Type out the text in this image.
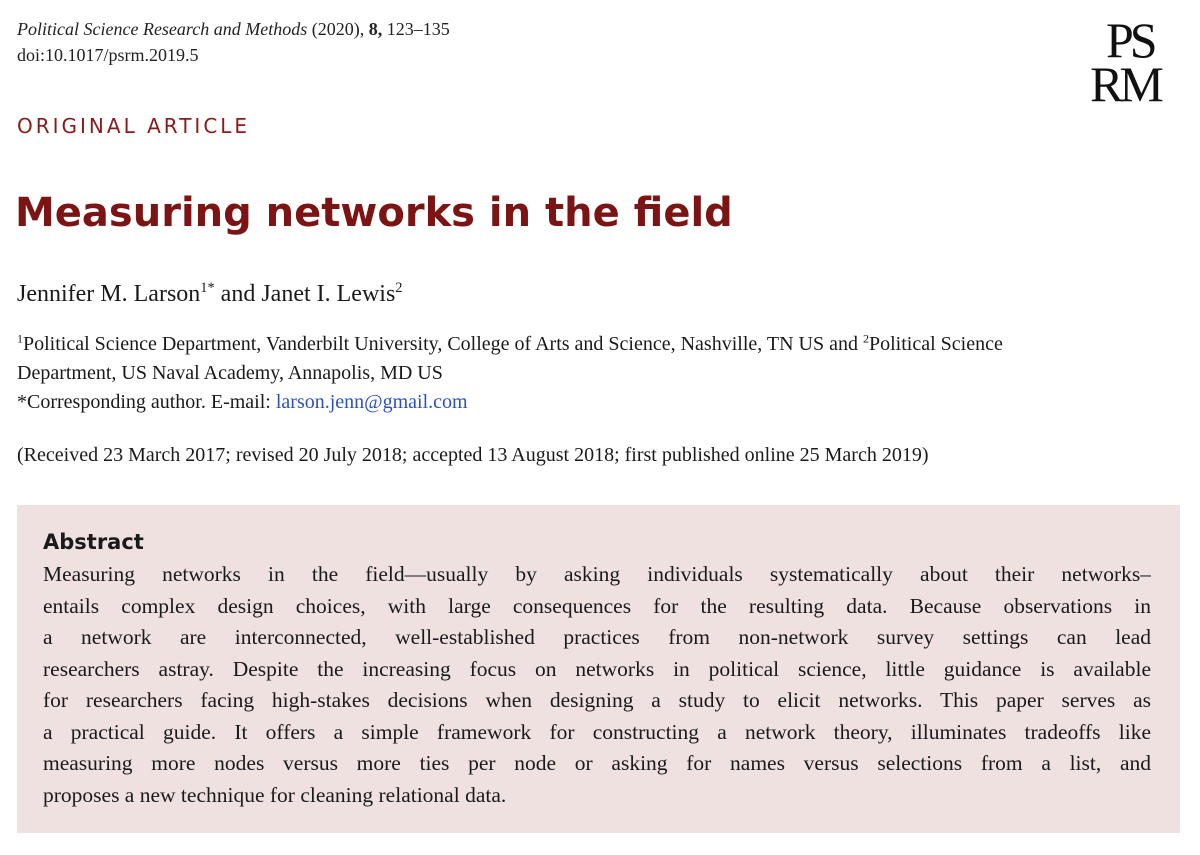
Political Science Research and Methods (2020), 8, 123–135
doi:10.1017/psrm.2019.5	PS
RM
ORIGINAL ARTICLE
Measuring networks in the field
Jennifer M. Larson$^{1*}$ and Janet I. Lewis$^2$
$^1$Political Science Department, Vanderbilt University, College of Arts and Science, Nashville, TN US and $^2$Political Science
Department, US Naval Academy, Annapolis, MD US
*Corresponding author. E-mail: larson.jenn@gmail.com
(Received 23 March 2017; revised 20 July 2018; accepted 13 August 2018; first published online 25 March 2019)
Abstract
Measuring networks in the field—usually by asking individuals systematically about their networks–
entails complex design choices, with large consequences for the resulting data. Because observations in
a network are interconnected, well-established practices from non-network survey settings can lead
researchers astray. Despite the increasing focus on networks in political science, little guidance is available
for researchers facing high-stakes decisions when designing a study to elicit networks. This paper serves as
a practical guide. It offers a simple framework for constructing a network theory, illuminates tradeoffs like
measuring more nodes versus more ties per node or asking for names versus selections from a list, and
proposes a new technique for cleaning relational data.
